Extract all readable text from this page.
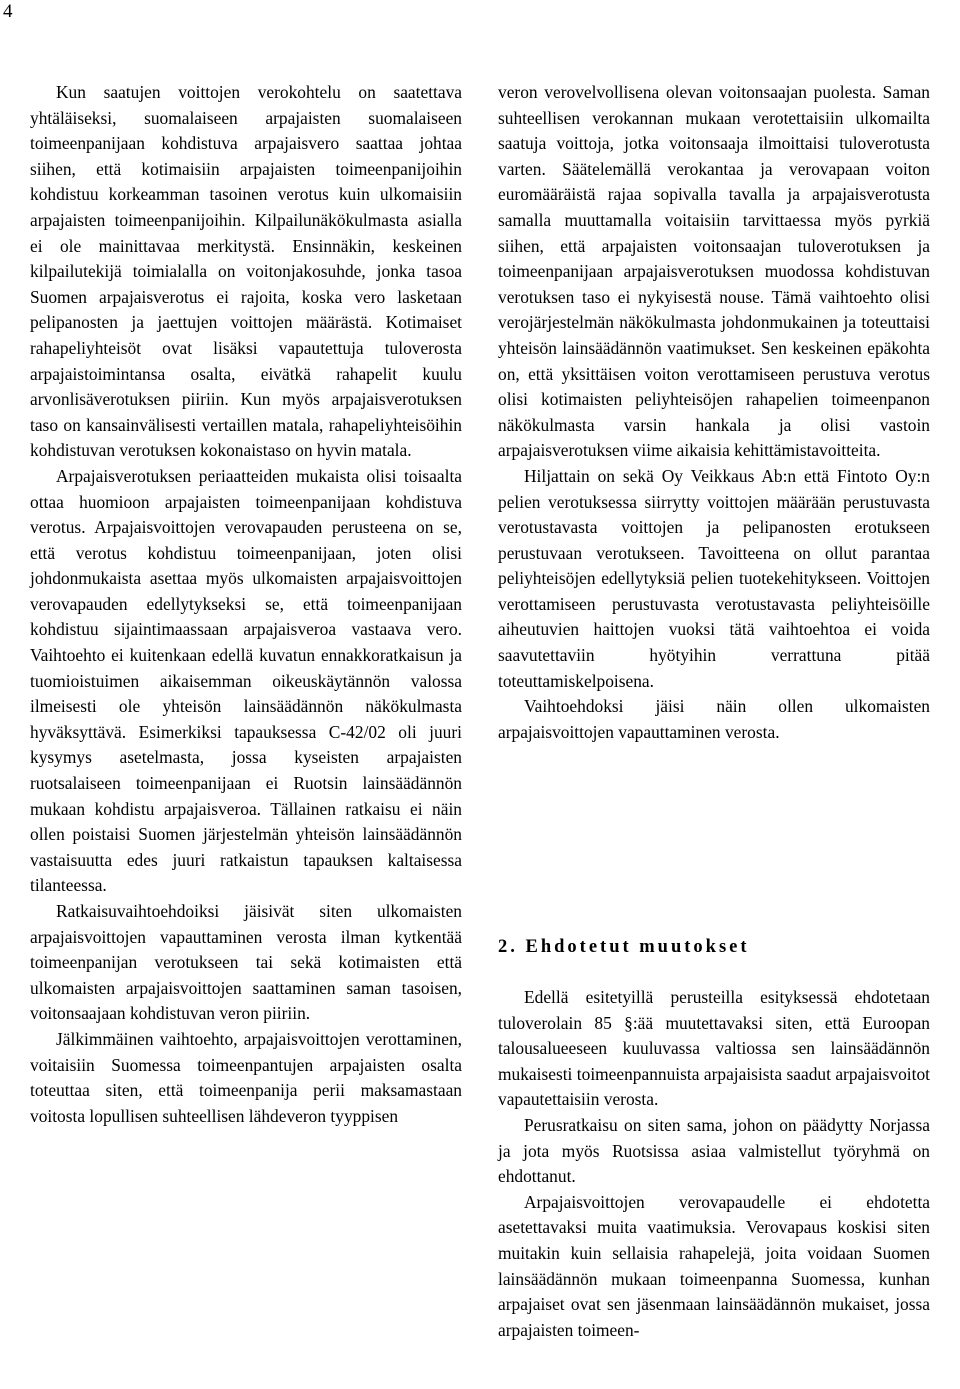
4

Kun saatujen voittojen verokohtelu on saatettava yhtäläiseksi, suomalaiseen arpajaisten suomalaiseen toimeenpanijaan kohdistuva arpajaisvero saattaa johtaa siihen, että kotimaisiin arpajaisten toimeenpanijoihin kohdistuu korkeamman tasoinen verotus kuin ulkomaisiin arpajaisten toimeenpanijoihin. Kilpailunäkökulmasta asialla ei ole mainittavaa merkitystä. Ensinnäkin, keskeinen kilpailutekijä toimialalla on voitonjakosuhde, jonka tasoa Suomen arpajaisverotus ei rajoita, koska vero lasketaan pelipanosten ja jaettujen voittojen määrästä. Kotimaiset rahapeliyhteisöt ovat lisäksi vapautettuja tuloverosta arpajaistoimintansa osalta, eivätkä rahapelit kuulu arvonlisäverotuksen piiriin. Kun myös arpajaisverotuksen taso on kansainvälisesti vertaillen matala, rahapeliyhteisöihin kohdistuvan verotuksen kokonaistaso on hyvin matala.

Arpajaisverotuksen periaatteiden mukaista olisi toisaalta ottaa huomioon arpajaisten toimeenpanijaan kohdistuva verotus. Arpajaisvoittojen verovapauden perusteena on se, että verotus kohdistuu toimeenpanijaan, joten olisi johdonmukaista asettaa myös ulkomaisten arpajaisvoittojen verovapauden edellytykseksi se, että toimeenpanijaan kohdistuu sijaintimaassaan arpajaisveroa vastaava vero. Vaihtoehto ei kuitenkaan edellä kuvatun ennakkoratkaisun ja tuomioistuimen aikaisemman oikeuskäytännön valossa ilmeisesti ole yhteisön lainsäädännön näkökulmasta hyväksyttävä. Esimerkiksi tapauksessa C-42/02 oli juuri kysymys asetelmasta, jossa kyseisten arpajaisten ruotsalaiseen toimeenpanijaan ei Ruotsin lainsäädännön mukaan kohdistu arpajaisveroa. Tällainen ratkaisu ei näin ollen poistaisi Suomen järjestelmän yhteisön lainsäädännön vastaisuutta edes juuri ratkaistun tapauksen kaltaisessa tilanteessa.

Ratkaisuvaihtoehdoiksi jäisivät siten ulkomaisten arpajaisvoittojen vapauttaminen verosta ilman kytkentää toimeenpanijan verotukseen tai sekä kotimaisten että ulkomaisten arpajaisvoittojen saattaminen saman tasoisen, voitonsaajaan kohdistuvan veron piiriin.

Jälkimmäinen vaihtoehto, arpajaisvoittojen verottaminen, voitaisiin Suomessa toimeenpantujen arpajaisten osalta toteuttaa siten, että toimeenpanija perii maksamastaan voitosta lopullisen suhteellisen lähdeveron tyyppisen

veron verovelvollisena olevan voitonsaajan puolesta. Saman suhteellisen verokannan mukaan verotettaisiin ulkomailta saatuja voittoja, jotka voitonsaaja ilmoittaisi tuloverotusta varten. Säätelemällä verokantaa ja verovapaan voiton euromääräistä rajaa sopivalla tavalla ja arpajaisverotusta samalla muuttamalla voitaisiin tarvittaessa myös pyrkiä siihen, että arpajaisten voitonsaajan tuloverotuksen ja toimeenpanijaan arpajaisverotuksen muodossa kohdistuvan verotuksen taso ei nykyisestä nouse. Tämä vaihtoehto olisi verojärjestelmän näkökulmasta johdonmukainen ja toteuttaisi yhteisön lainsäädännön vaatimukset. Sen keskeinen epäkohta on, että yksittäisen voiton verottamiseen perustuva verotus olisi kotimaisten peliyhteisöjen rahapelien toimeenpanon näkökulmasta varsin hankala ja olisi vastoin arpajaisverotuksen viime aikaisia kehittämistavoitteita.

Hiljattain on sekä Oy Veikkaus Ab:n että Fintoto Oy:n pelien verotuksessa siirrytty voittojen määrään perustuvasta verotustavasta voittojen ja pelipanosten erotukseen perustuvaan verotukseen. Tavoitteena on ollut parantaa peliyhteisöjen edellytyksiä pelien tuotekehitykseen. Voittojen verottamiseen perustuvasta verotustavasta peliyhteisöille aiheutuvien haittojen vuoksi tätä vaihtoehtoa ei voida saavutettaviin hyötyihin verrattuna pitää toteuttamiskelpoisena.

Vaihtoehdoksi jäisi näin ollen ulkomaisten arpajaisvoittojen vapauttaminen verosta.

2. Ehdotetut muutokset

Edellä esitetyillä perusteilla esityksessä ehdotetaan tuloverolain 85 §:ää muutettavaksi siten, että Euroopan talousalueeseen kuuluvassa valtiossa sen lainsäädännön mukaisesti toimeenpannuista arpajaisista saadut arpajaisvoitot vapautettaisiin verosta.

Perusratkaisu on siten sama, johon on päädytty Norjassa ja jota myös Ruotsissa asiaa valmistellut työryhmä on ehdottanut.

Arpajaisvoittojen verovapaudelle ei ehdotetta asetettavaksi muita vaatimuksia. Verovapaus koskisi siten muitakin kuin sellaisia rahapelejä, joita voidaan Suomen lainsäädännön mukaan toimeenpanna Suomessa, kunhan arpajaiset ovat sen jäsenmaan lainsäädännön mukaiset, jossa arpajaisten toimeen-
